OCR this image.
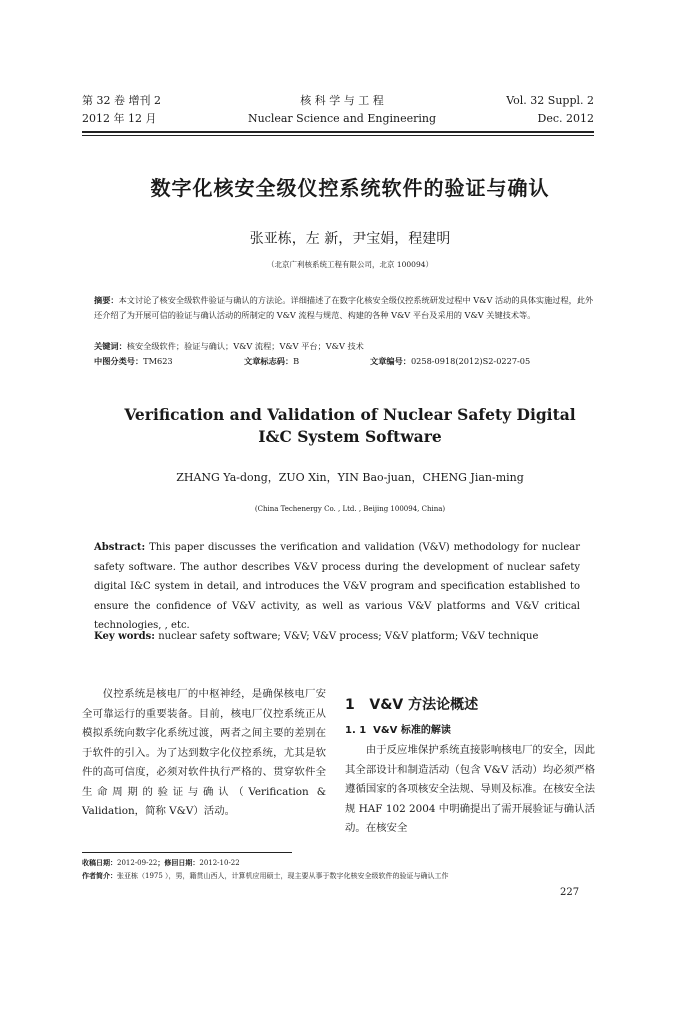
第 32 卷 增刊 2
2012 年 12 月
核 科 学 与 工 程
Nuclear Science and Engineering
Vol. 32 Suppl. 2
Dec. 2012
数字化核安全级仪控系统软件的验证与确认
张亚栋，左 新，尹宝娟，程建明
（北京广利核系统工程有限公司，北京 100094）
摘要：本文讨论了核安全级软件验证与确认的方法论。详细描述了在数字化核安全级仪控系统研发过程中 V&V 活动的具体实施过程，此外还介绍了为开展可信的验证与确认活动的所制定的 V&V 流程与规范、构建的各种 V&V 平台及采用的 V&V 关键技术等。
关键词：核安全级软件；验证与确认；V&V 流程；V&V 平台；V&V 技术
中图分类号：TM623	文章标志码：B	文章编号：0258-0918(2012)S2-0227-05
Verification and Validation of Nuclear Safety Digital
I&C System Software
ZHANG Ya-dong，ZUO Xin，YIN Bao-juan，CHENG Jian-ming
(China Techenergy Co. , Ltd. , Beijing 100094, China)
Abstract: This paper discusses the verification and validation (V&V) methodology for nuclear safety software. The author describes V&V process during the development of nuclear safety digital I&C system in detail, and introduces the V&V program and specification established to ensure the confidence of V&V activity, as well as various V&V platforms and V&V critical technologies, , etc.
Key words: nuclear safety software; V&V; V&V process; V&V platform; V&V technique
仪控系统是核电厂的中枢神经，是确保核电厂安全可靠运行的重要装备。目前，核电厂仪控系统正从模拟系统向数字化系统过渡，两者之间主要的差别在于软件的引入。为了达到数字化仪控系统，尤其是软件的高可信度，必须对软件执行严格的、贯穿软件全生命周期的验证与确认（Verification & Validation，简称 V&V）活动。
1 V&V 方法论概述
1. 1 V&V 标准的解读
由于反应堆保护系统直接影响核电厂的安全，因此其全部设计和制造活动（包含 V&V 活动）均必须严格遵循国家的各项核安全法规、导则及标准。在核安全法规 HAF 102 2004 中明确提出了需开展验证与确认活动。在核安全
收稿日期：2012-09-22；修回日期：2012-10-22
作者简介：张亚栋（1975 ），男，籍贯山西人，计算机应用硕士，现主要从事于数字化核安全级软件的验证与确认工作
227
